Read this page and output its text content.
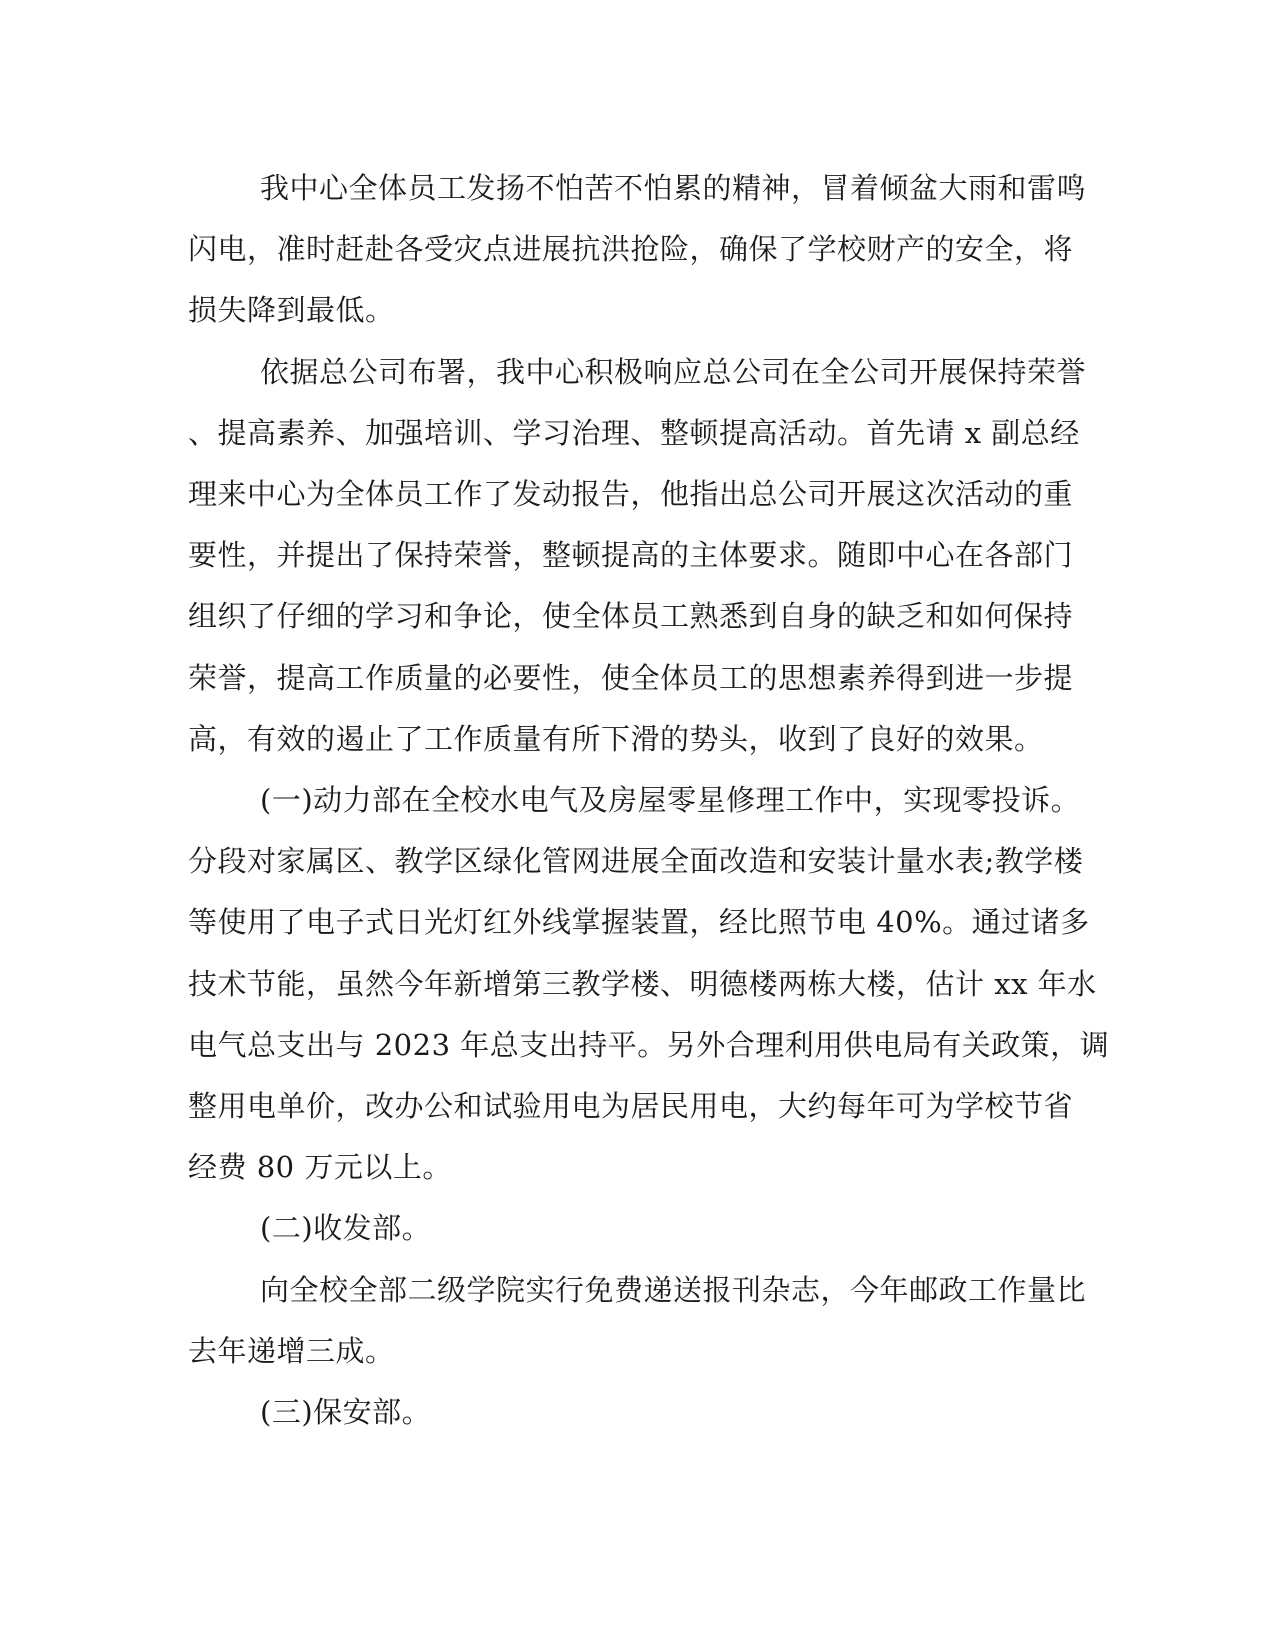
我中心全体员工发扬不怕苦不怕累的精神，冒着倾盆大雨和雷鸣
闪电，准时赶赴各受灾点进展抗洪抢险，确保了学校财产的安全，将
损失降到最低。

依据总公司布署，我中心积极响应总公司在全公司开展保持荣誉
、提高素养、加强培训、学习治理、整顿提高活动。首先请 x 副总经
理来中心为全体员工作了发动报告，他指出总公司开展这次活动的重
要性，并提出了保持荣誉，整顿提高的主体要求。随即中心在各部门
组织了仔细的学习和争论，使全体员工熟悉到自身的缺乏和如何保持
荣誉，提高工作质量的必要性，使全体员工的思想素养得到进一步提
高，有效的遏止了工作质量有所下滑的势头，收到了良好的效果。

(一)动力部在全校水电气及房屋零星修理工作中，实现零投诉。
分段对家属区、教学区绿化管网进展全面改造和安装计量水表;教学楼
等使用了电子式日光灯红外线掌握装置，经比照节电 40%。通过诸多
技术节能，虽然今年新增第三教学楼、明德楼两栋大楼，估计 xx 年水
电气总支出与 2023 年总支出持平。另外合理利用供电局有关政策，调
整用电单价，改办公和试验用电为居民用电，大约每年可为学校节省
经费 80 万元以上。

(二)收发部。

向全校全部二级学院实行免费递送报刊杂志，今年邮政工作量比
去年递增三成。

(三)保安部。
